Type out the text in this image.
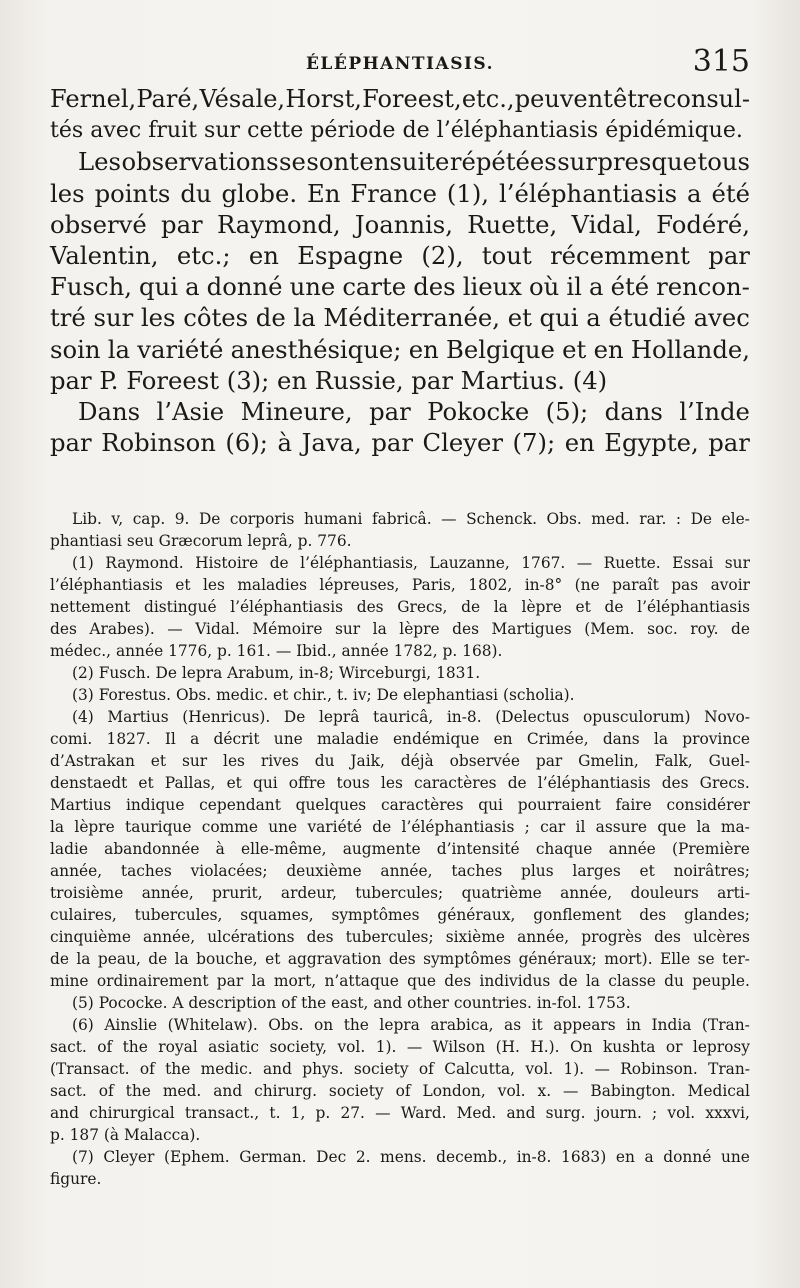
ÉLÉPHANTIASIS.	315
Fernel, Paré, Vésale, Horst, Foreest, etc., peuvent être consul-
tés avec fruit sur cette période de l’éléphantiasis épidémique.
Les observations se sont ensuite répétées sur presque tous
les points du globe. En France (1), l’éléphantiasis a été
observé par Raymond, Joannis, Ruette, Vidal, Fodéré,
Valentin, etc.; en Espagne (2), tout récemment par
Fusch, qui a donné une carte des lieux où il a été rencon-
tré sur les côtes de la Méditerranée, et qui a étudié avec
soin la variété anesthésique; en Belgique et en Hollande,
par P. Foreest (3); en Russie, par Martius. (4)
Dans l’Asie Mineure, par Pokocke (5); dans l’Inde
par Robinson (6); à Java, par Cleyer (7); en Egypte, par
Lib. v, cap. 9. De corporis humani fabricâ. — Schenck. Obs. med. rar. : De ele-
phantiasi seu Græcorum leprâ, p. 776.
(1) Raymond. Histoire de l’éléphantiasis, Lauzanne, 1767. — Ruette. Essai sur
l’éléphantiasis et les maladies lépreuses, Paris, 1802, in-8° (ne paraît pas avoir
nettement distingué l’éléphantiasis des Grecs, de la lèpre et de l’éléphantiasis
des Arabes). — Vidal. Mémoire sur la lèpre des Martigues (Mem. soc. roy. de
médec., année 1776, p. 161. — Ibid., année 1782, p. 168).
(2) Fusch. De lepra Arabum, in-8; Wirceburgi, 1831.
(3) Forestus. Obs. medic. et chir., t. iv; De elephantiasi (scholia).
(4) Martius (Henricus). De leprâ tauricâ, in-8. (Delectus opusculorum) Novo-
comi. 1827. Il a décrit une maladie endémique en Crimée, dans la province
d’Astrakan et sur les rives du Jaik, déjà observée par Gmelin, Falk, Guel-
denstaedt et Pallas, et qui offre tous les caractères de l’éléphantiasis des Grecs.
Martius indique cependant quelques caractères qui pourraient faire considérer
la lèpre taurique comme une variété de l’éléphantiasis ; car il assure que la ma-
ladie abandonnée à elle-même, augmente d’intensité chaque année (Première
année, taches violacées; deuxième année, taches plus larges et noirâtres;
troisième année, prurit, ardeur, tubercules; quatrième année, douleurs arti-
culaires, tubercules, squames, symptômes généraux, gonflement des glandes;
cinquième année, ulcérations des tubercules; sixième année, progrès des ulcères
de la peau, de la bouche, et aggravation des symptômes généraux; mort). Elle se ter-
mine ordinairement par la mort, n’attaque que des individus de la classe du peuple.
(5) Pococke. A description of the east, and other countries. in-fol. 1753.
(6) Ainslie (Whitelaw). Obs. on the lepra arabica, as it appears in India (Tran-
sact. of the royal asiatic society, vol. 1). — Wilson (H. H.). On kushta or leprosy
(Transact. of the medic. and phys. society of Calcutta, vol. 1). — Robinson. Tran-
sact. of the med. and chirurg. society of London, vol. x. — Babington. Medical
and chirurgical transact., t. 1, p. 27. — Ward. Med. and surg. journ. ; vol. xxxvi,
p. 187 (à Malacca).
(7) Cleyer (Ephem. German. Dec 2. mens. decemb., in-8. 1683) en a donné une
figure.
